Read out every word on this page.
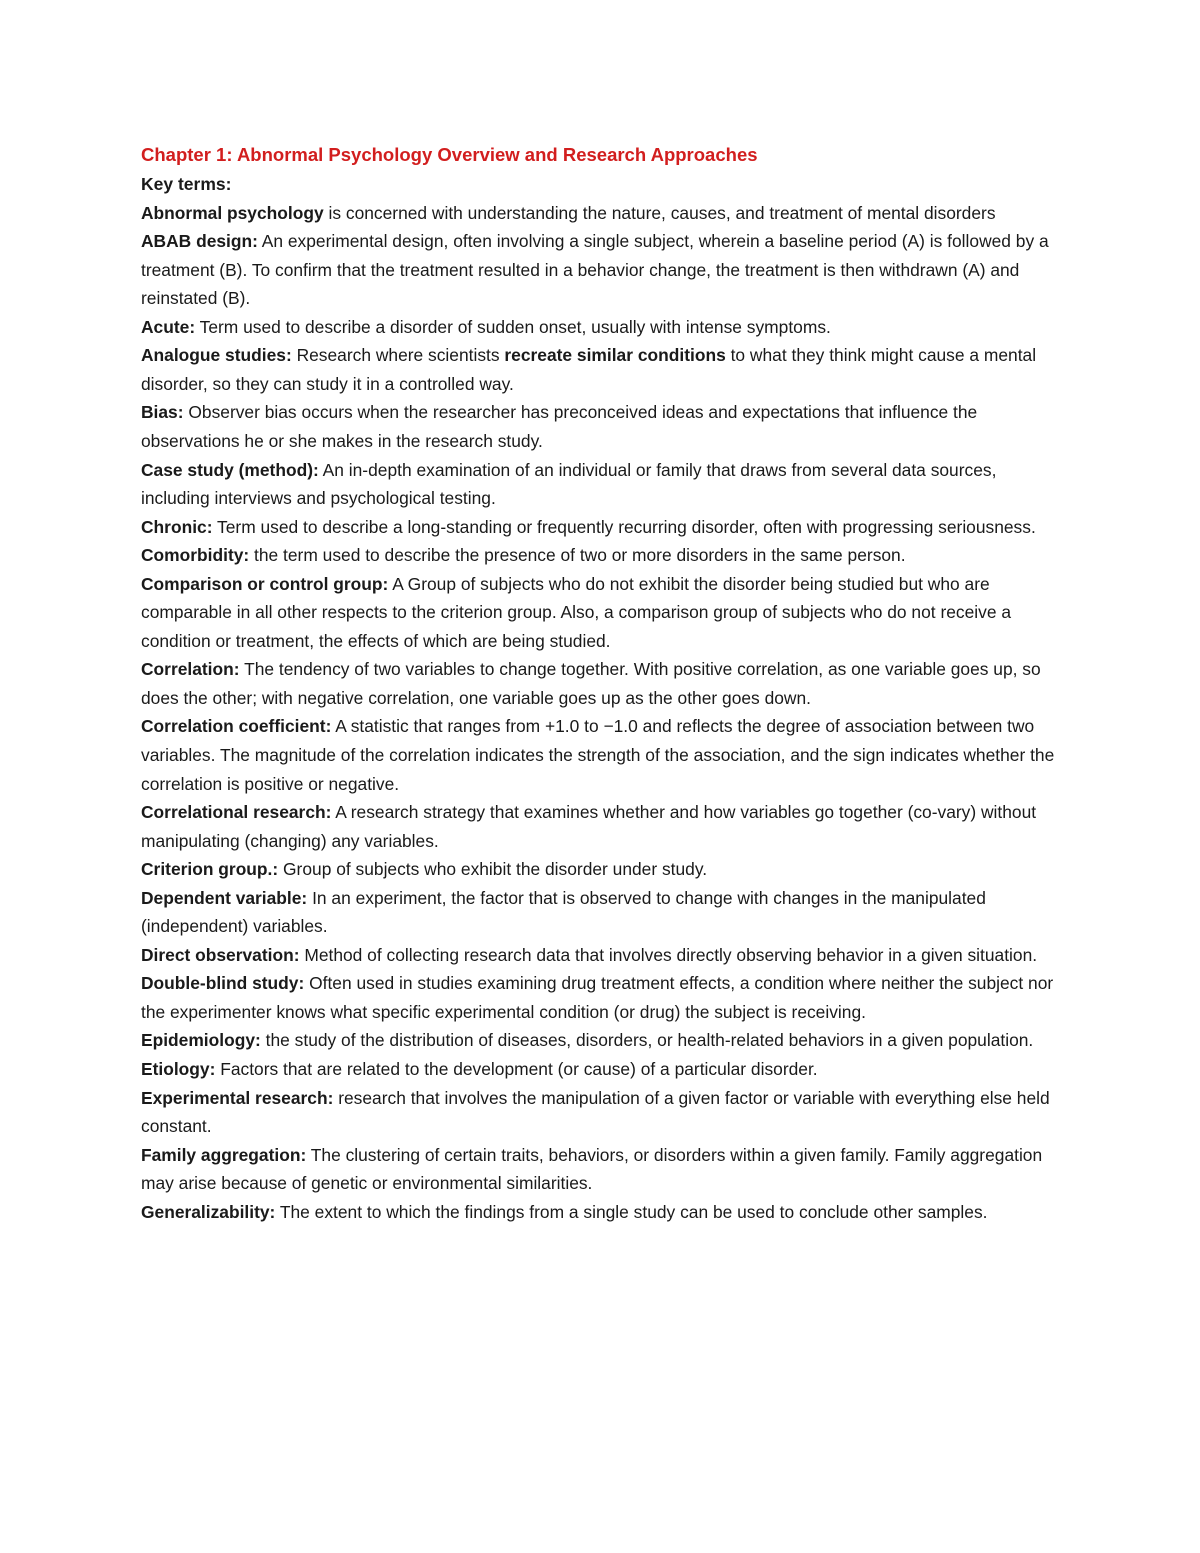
Chapter 1: Abnormal Psychology Overview and Research Approaches

Key terms:

Abnormal psychology is concerned with understanding the nature, causes, and treatment of mental disorders

ABAB design: An experimental design, often involving a single subject, wherein a baseline period (A) is followed by a treatment (B). To confirm that the treatment resulted in a behavior change, the treatment is then withdrawn (A) and reinstated (B).

Acute: Term used to describe a disorder of sudden onset, usually with intense symptoms.

Analogue studies: Research where scientists recreate similar conditions to what they think might cause a mental disorder, so they can study it in a controlled way.

Bias: Observer bias occurs when the researcher has preconceived ideas and expectations that influence the observations he or she makes in the research study.

Case study (method): An in-depth examination of an individual or family that draws from several data sources, including interviews and psychological testing.

Chronic: Term used to describe a long-standing or frequently recurring disorder, often with progressing seriousness.

Comorbidity: the term used to describe the presence of two or more disorders in the same person.

Comparison or control group: A Group of subjects who do not exhibit the disorder being studied but who are comparable in all other respects to the criterion group. Also, a comparison group of subjects who do not receive a condition or treatment, the effects of which are being studied.

Correlation: The tendency of two variables to change together. With positive correlation, as one variable goes up, so does the other; with negative correlation, one variable goes up as the other goes down.

Correlation coefficient: A statistic that ranges from +1.0 to −1.0 and reflects the degree of association between two variables. The magnitude of the correlation indicates the strength of the association, and the sign indicates whether the correlation is positive or negative.

Correlational research: A research strategy that examines whether and how variables go together (co-vary) without manipulating (changing) any variables.

Criterion group.: Group of subjects who exhibit the disorder under study.

Dependent variable: In an experiment, the factor that is observed to change with changes in the manipulated (independent) variables.

Direct observation: Method of collecting research data that involves directly observing behavior in a given situation.

Double-blind study: Often used in studies examining drug treatment effects, a condition where neither the subject nor the experimenter knows what specific experimental condition (or drug) the subject is receiving.

Epidemiology: the study of the distribution of diseases, disorders, or health-related behaviors in a given population.

Etiology: Factors that are related to the development (or cause) of a particular disorder.

Experimental research: research that involves the manipulation of a given factor or variable with everything else held constant.

Family aggregation: The clustering of certain traits, behaviors, or disorders within a given family. Family aggregation may arise because of genetic or environmental similarities.

Generalizability: The extent to which the findings from a single study can be used to conclude other samples.
